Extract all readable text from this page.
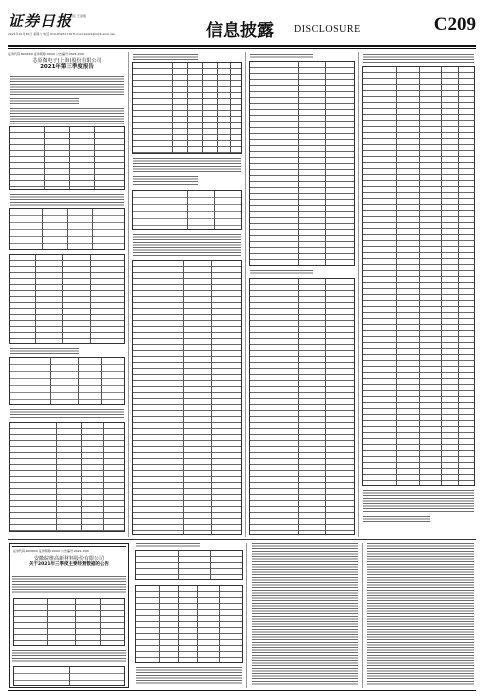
证券日报
责任 王爱翔
2021年10月30日 星期六 电话 010-83251716 E-mail:zqrb9@zqrb.sina.net	信息披露 DISCLOSURE	C209
证券代码:603XXX 证券简称:XXXX 公告编号:2021-XXX
芯原微电子(上海)股份有限公司
2021年第三季度报告
证券代码:603XXX 证券简称:XXXX 公告编号:2021-XXX
安徽皖维高新材料股份有限公司
关于2021年三季度主要经营数据的公告
